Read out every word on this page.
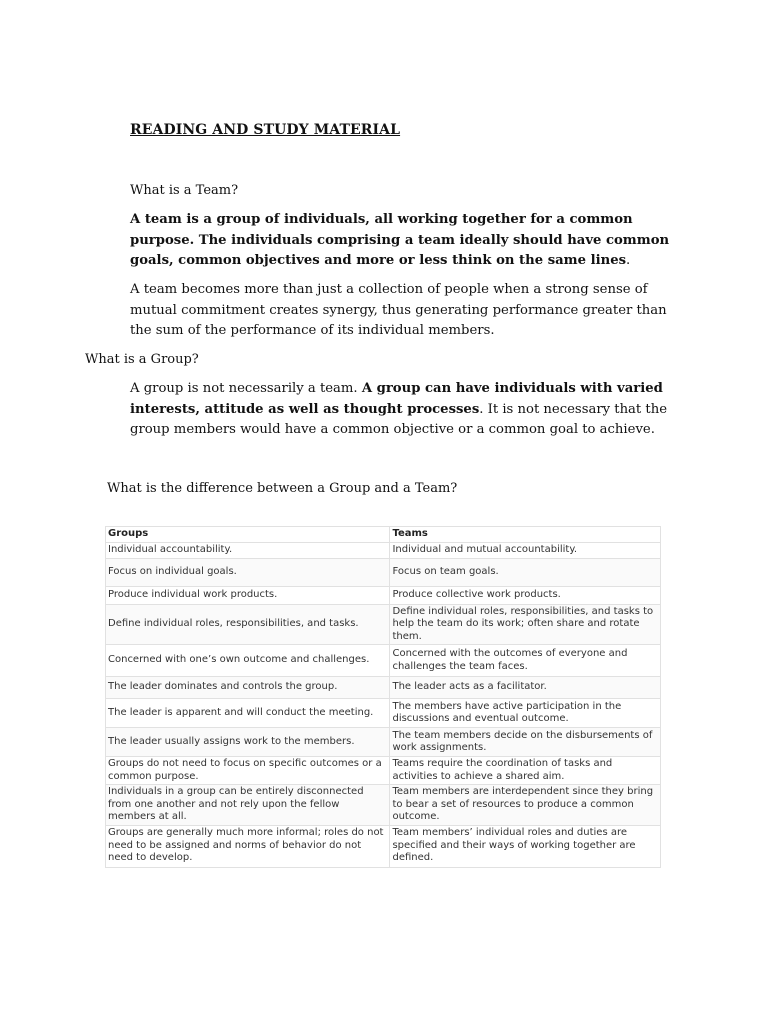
READING AND STUDY MATERIAL
What is a Team?
A team is a group of individuals, all working together for a common purpose. The individuals comprising a team ideally should have common goals, common objectives and more or less think on the same lines.
A team becomes more than just a collection of people when a strong sense of mutual commitment creates synergy, thus generating performance greater than the sum of the performance of its individual members.
What is a Group?
A group is not necessarily a team. A group can have individuals with varied interests, attitude as well as thought processes. It is not necessary that the group members would have a common objective or a common goal to achieve.
What is the difference between a Group and a Team?
Groups	Teams
Individual accountability.	Individual and mutual accountability.
Focus on individual goals.	Focus on team goals.
Produce individual work products.	Produce collective work products.
Define individual roles, responsibilities, and tasks.	Define individual roles, responsibilities, and tasks to help the team do its work; often share and rotate them.
Concerned with one’s own outcome and challenges.	Concerned with the outcomes of everyone and challenges the team faces.
The leader dominates and controls the group.	The leader acts as a facilitator.
The leader is apparent and will conduct the meeting.	The members have active participation in the discussions and eventual outcome.
The leader usually assigns work to the members.	The team members decide on the disbursements of work assignments.
Groups do not need to focus on specific outcomes or a common purpose.	Teams require the coordination of tasks and activities to achieve a shared aim.
Individuals in a group can be entirely disconnected from one another and not rely upon the fellow members at all.	Team members are interdependent since they bring to bear a set of resources to produce a common outcome.
Groups are generally much more informal; roles do not need to be assigned and norms of behavior do not need to develop.	Team members’ individual roles and duties are specified and their ways of working together are defined.
